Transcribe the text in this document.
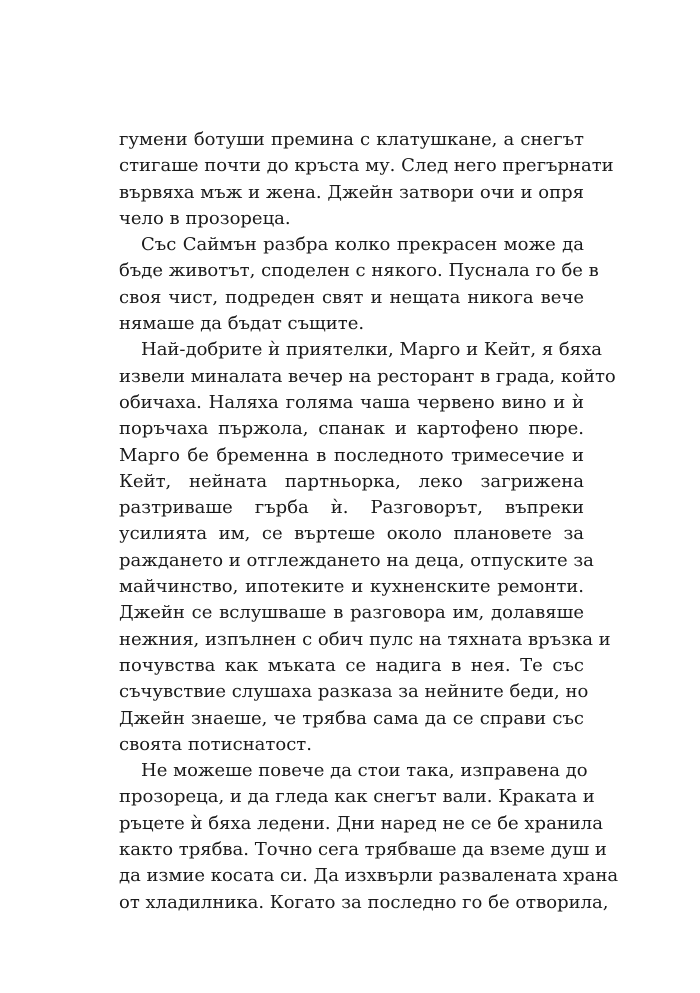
гумени ботуши премина с клатушкане, а снегът
стигаше почти до кръста му. След него прегърнати
вървяха мъж и жена. Джейн затвори очи и опря
чело в прозореца.
Със Саймън разбра колко прекрасен може да
бъде животът, споделен с някого. Пуснала го бе в
своя чист, подреден свят и нещата никога вече
нямаше да бъдат същите.
Най-добрите ѝ приятелки, Марго и Кейт, я бяха
извели миналата вечер на ресторант в града, който
обичаха. Наляха голяма чаша червено вино и ѝ
поръчаха пържола, спанак и картофено пюре.
Марго бе бременна в последното тримесечие и
Кейт, нейната партньорка, леко загрижена
разтриваше гърба ѝ. Разговорът, въпреки
усилията им, се въртеше около плановете за
раждането и отглеждането на деца, отпуските за
майчинство, ипотеките и кухненските ремонти.
Джейн се вслушваше в разговора им, долавяше
нежния, изпълнен с обич пулс на тяхната връзка и
почувства как мъката се надига в нея. Те със
съчувствие слушаха разказа за нейните беди, но
Джейн знаеше, че трябва сама да се справи със
своята потиснатост.
Не можеше повече да стои така, изправена до
прозореца, и да гледа как снегът вали. Краката и
ръцете ѝ бяха ледени. Дни наред не се бе хранила
както трябва. Точно сега трябваше да вземе душ и
да измие косата си. Да изхвърли развалената храна
от хладилника. Когато за последно го бе отворила,
